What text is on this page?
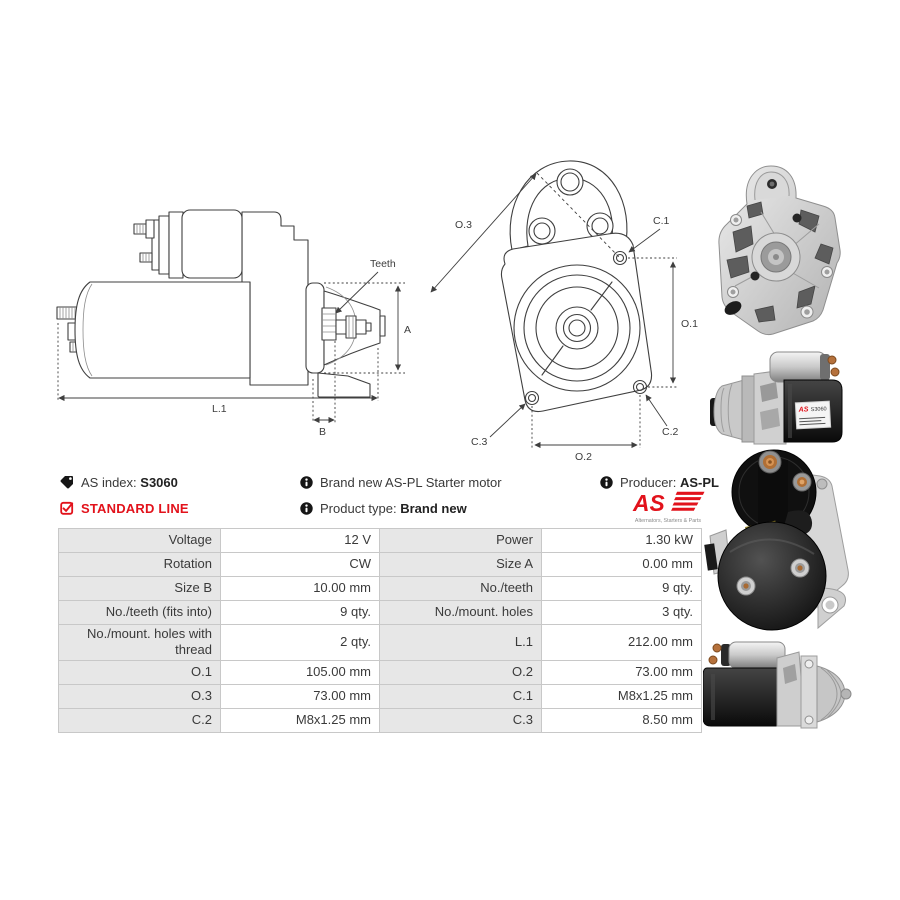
A
L.1
B
Teeth
O.3	C.1
O.1
C.2
C.3
O.2
AS S3060
AS index: S3060
STANDARD LINE
Brand new AS-PL Starter motor
Product type: Brand new
Producer: AS-PL
AS
Alternators, Starters & Parts
Voltage	12 V	Power	1.30 kW
Rotation	CW	Size A	0.00 mm
Size B	10.00 mm	No./teeth	9 qty.
No./teeth (fits into)	9 qty.	No./mount. holes	3 qty.
No./mount. holes with thread	2 qty.	L.1	212.00 mm
O.1	105.00 mm	O.2	73.00 mm
O.3	73.00 mm	C.1	M8x1.25 mm
C.2	M8x1.25 mm	C.3	8.50 mm
